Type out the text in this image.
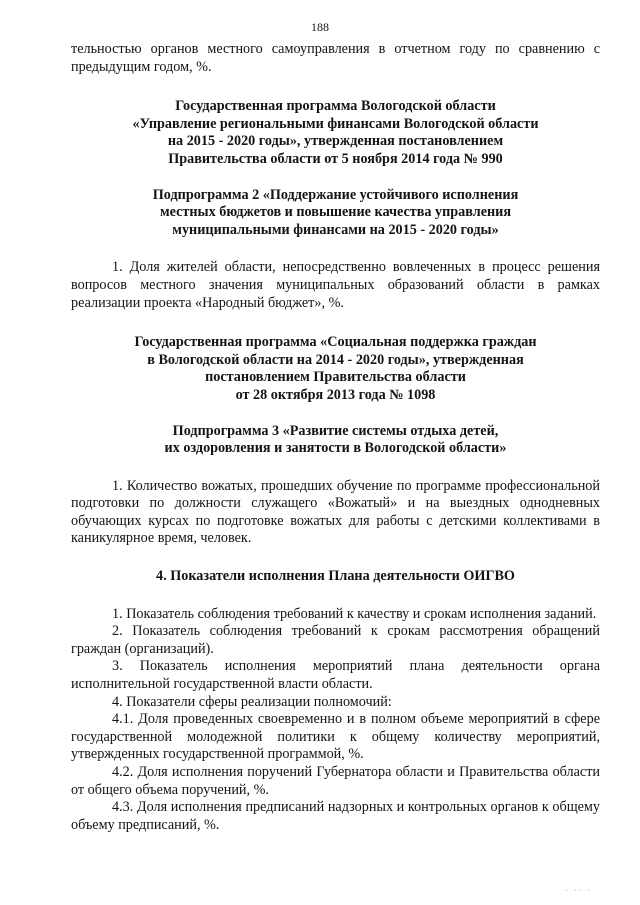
188

тельностью органов местного самоуправления в отчетном году по сравнению с предыдущим годом, %.

Государственная программа Вологодской области
«Управление региональными финансами Вологодской области
на 2015 - 2020 годы», утвержденная постановлением
Правительства области от 5 ноября 2014 года № 990
Подпрограмма 2 «Поддержание устойчивого исполнения
местных бюджетов и повышение качества управления
муниципальными финансами на 2015 - 2020 годы»

1. Доля жителей области, непосредственно вовлеченных в процесс решения вопросов местного значения муниципальных образований области в рамках реализации проекта «Народный бюджет», %.

Государственная программа «Социальная поддержка граждан
в Вологодской области на 2014 - 2020 годы», утвержденная
постановлением Правительства области
от 28 октября 2013 года № 1098
Подпрограмма 3 «Развитие системы отдыха детей,
их оздоровления и занятости в Вологодской области»

1. Количество вожатых, прошедших обучение по программе профессиональной подготовки по должности служащего «Вожатый» и на выездных однодневных обучающих курсах по подготовке вожатых для работы с детскими коллективами в каникулярное время, человек.

4. Показатели исполнения Плана деятельности ОИГВО

1. Показатель соблюдения требований к качеству и срокам исполнения заданий.

2. Показатель соблюдения требований к срокам рассмотрения обращений граждан (организаций).

3. Показатель исполнения мероприятий плана деятельности органа исполнительной государственной власти области.

4. Показатели сферы реализации полномочий:

4.1. Доля проведенных своевременно и в полном объеме мероприятий в сфере государственной молодежной политики к общему количеству мероприятий, утвержденных государственной программой, %.

4.2. Доля исполнения поручений Губернатора области и Правительства области от общего объема поручений, %.

4.3. Доля исполнения предписаний надзорных и контрольных органов к общему объему предписаний, %.

· ·· ·
